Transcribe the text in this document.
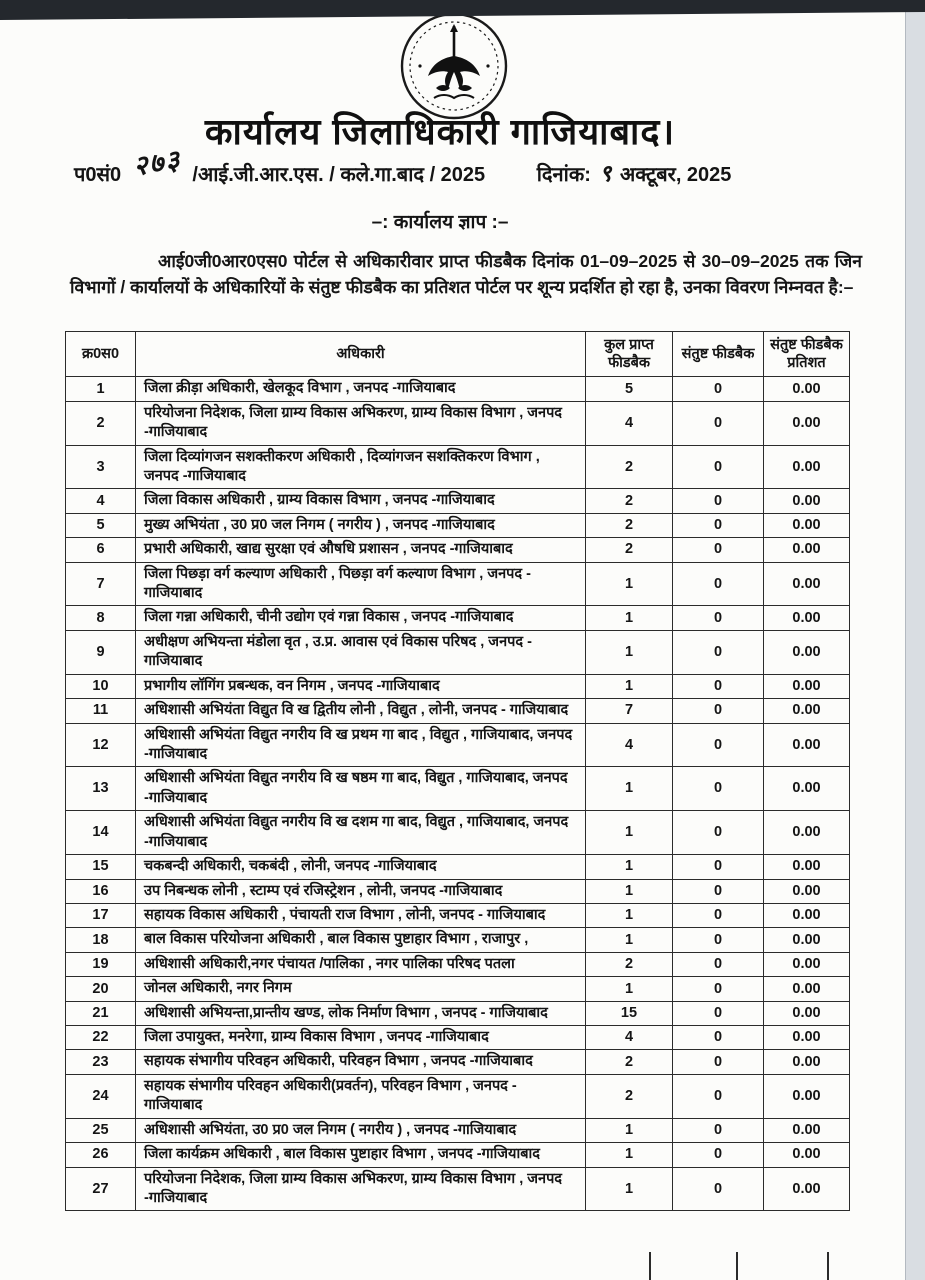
कार्यालय जिलाधिकारी गाजियाबाद।
प0सं0 २७३ /आई.जी.आर.एस. / कले.गा.बाद / 2025	दिनांक: ९ अक्टूबर, 2025
–: कार्यालय ज्ञाप :–
आई0जी0आर0एस0 पोर्टल से अधिकारीवार प्राप्त फीडबैक दिनांक 01–09–2025 से 30–09–2025 तक जिन विभागों / कार्यालयों के अधिकारियों के संतुष्ट फीडबैक का प्रतिशत पोर्टल पर शून्य प्रदर्शित हो रहा है, उनका विवरण निम्नवत है:–
क्र0स0	अधिकारी	कुल प्राप्त फीडबैक	संतुष्ट फीडबैक	संतुष्ट फीडबैक प्रतिशत
1	जिला क्रीड़ा अधिकारी, खेलकूद विभाग , जनपद -गाजियाबाद	5	0	0.00
2	परियोजना निदेशक, जिला ग्राम्य विकास अभिकरण, ग्राम्य विकास विभाग , जनपद -गाजियाबाद	4	0	0.00
3	जिला दिव्यांगजन सशक्तीकरण अधिकारी , दिव्यांगजन सशक्तिकरण विभाग , जनपद -गाजियाबाद	2	0	0.00
4	जिला विकास अधिकारी , ग्राम्य विकास विभाग , जनपद -गाजियाबाद	2	0	0.00
5	मुख्य अभियंता , उ0 प्र0 जल निगम ( नगरीय ) , जनपद -गाजियाबाद	2	0	0.00
6	प्रभारी अधिकारी, खाद्य सुरक्षा एवं औषधि प्रशासन , जनपद -गाजियाबाद	2	0	0.00
7	जिला पिछड़ा वर्ग कल्याण अधिकारी , पिछड़ा वर्ग कल्याण विभाग , जनपद - गाजियाबाद	1	0	0.00
8	जिला गन्ना अधिकारी, चीनी उद्योग एवं गन्ना विकास , जनपद -गाजियाबाद	1	0	0.00
9	अधीक्षण अभियन्ता मंडोला वृत , उ.प्र. आवास एवं विकास परिषद , जनपद - गाजियाबाद	1	0	0.00
10	प्रभागीय लॉगिंग प्रबन्धक, वन निगम , जनपद -गाजियाबाद	1	0	0.00
11	अधिशासी अभियंता विद्युत वि ख द्वितीय लोनी , विद्युत , लोनी, जनपद - गाजियाबाद	7	0	0.00
12	अधिशासी अभियंता विद्युत नगरीय वि ख प्रथम गा बाद , विद्युत , गाजियाबाद, जनपद -गाजियाबाद	4	0	0.00
13	अधिशासी अभियंता विद्युत नगरीय वि ख षष्ठम गा बाद, विद्युत , गाजियाबाद, जनपद -गाजियाबाद	1	0	0.00
14	अधिशासी अभियंता विद्युत नगरीय वि ख दशम गा बाद, विद्युत , गाजियाबाद, जनपद -गाजियाबाद	1	0	0.00
15	चकबन्दी अधिकारी, चकबंदी , लोनी, जनपद -गाजियाबाद	1	0	0.00
16	उप निबन्धक लोनी , स्टाम्प एवं रजिस्ट्रेशन , लोनी, जनपद -गाजियाबाद	1	0	0.00
17	सहायक विकास अधिकारी , पंचायती राज विभाग , लोनी, जनपद - गाजियाबाद	1	0	0.00
18	बाल विकास परियोजना अधिकारी , बाल विकास पुष्टाहार विभाग , राजापुर ,	1	0	0.00
19	अधिशासी अधिकारी,नगर पंचायत /पालिका , नगर पालिका परिषद पतला	2	0	0.00
20	जोनल अधिकारी, नगर निगम	1	0	0.00
21	अधिशासी अभियन्ता,प्रान्तीय खण्ड, लोक निर्माण विभाग , जनपद - गाजियाबाद	15	0	0.00
22	जिला उपायुक्त, मनरेगा, ग्राम्य विकास विभाग , जनपद -गाजियाबाद	4	0	0.00
23	सहायक संभागीय परिवहन अधिकारी, परिवहन विभाग , जनपद -गाजियाबाद	2	0	0.00
24	सहायक संभागीय परिवहन अधिकारी(प्रवर्तन), परिवहन विभाग , जनपद - गाजियाबाद	2	0	0.00
25	अधिशासी अभियंता, उ0 प्र0 जल निगम ( नगरीय ) , जनपद -गाजियाबाद	1	0	0.00
26	जिला कार्यक्रम अधिकारी , बाल विकास पुष्टाहार विभाग , जनपद -गाजियाबाद	1	0	0.00
27	परियोजना निदेशक, जिला ग्राम्य विकास अभिकरण, ग्राम्य विकास विभाग , जनपद -गाजियाबाद	1	0	0.00
